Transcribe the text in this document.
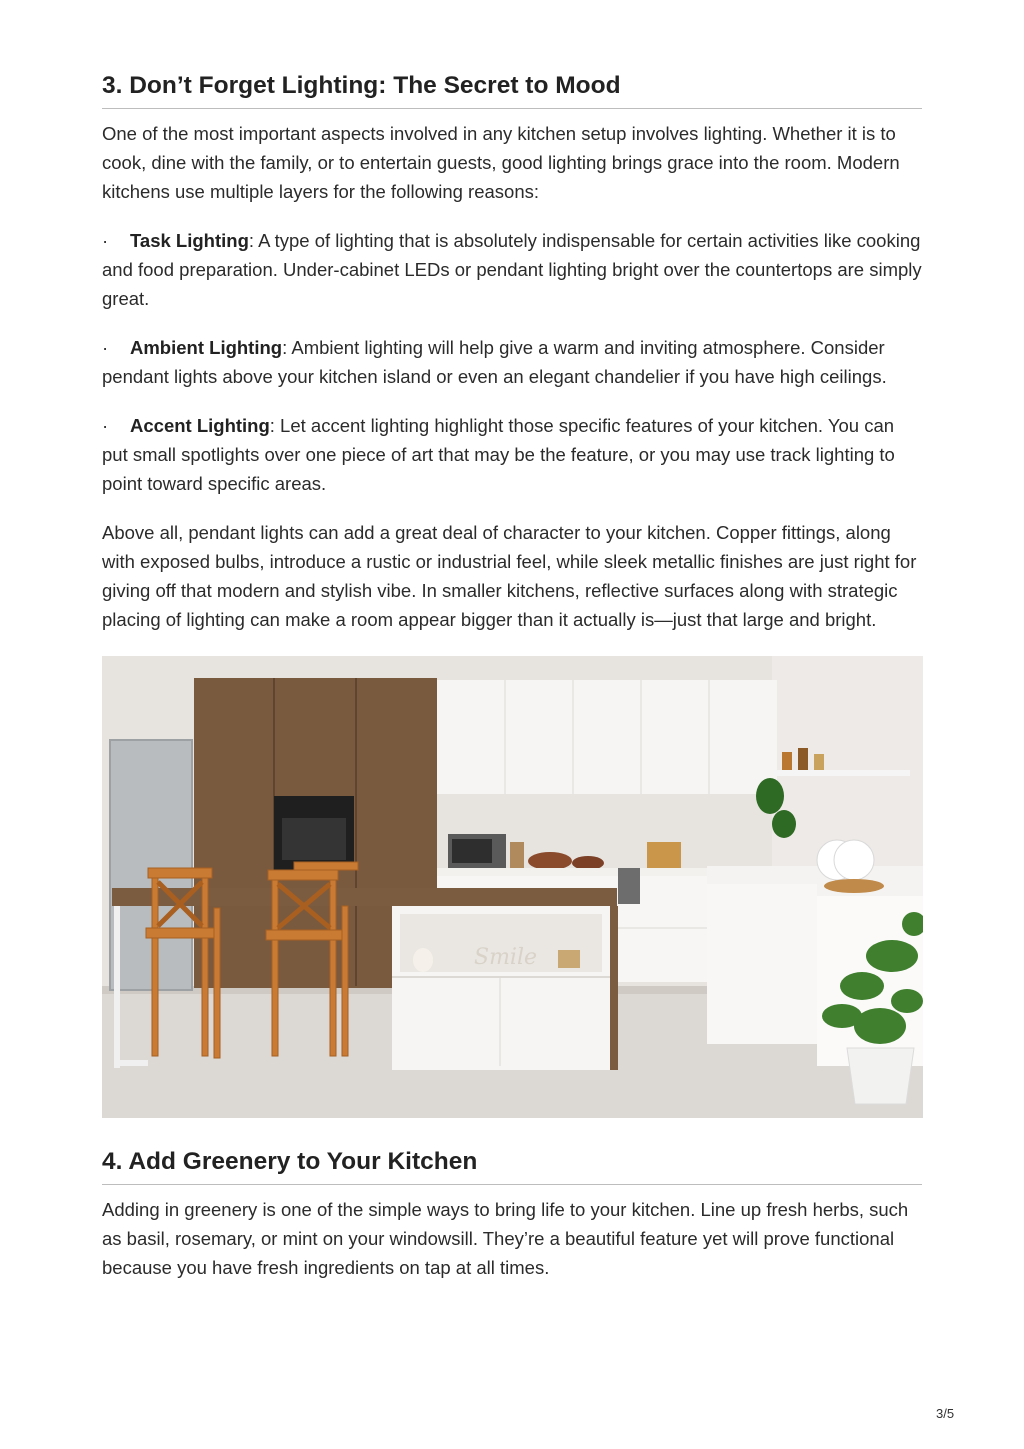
3. Don’t Forget Lighting: The Secret to Mood

One of the most important aspects involved in any kitchen setup involves lighting. Whether it is to cook, dine with the family, or to entertain guests, good lighting brings grace into the room. Modern kitchens use multiple layers for the following reasons:

· Task Lighting: A type of lighting that is absolutely indispensable for certain activities like cooking and food preparation. Under-cabinet LEDs or pendant lighting bright over the countertops are simply great.

· Ambient Lighting: Ambient lighting will help give a warm and inviting atmosphere. Consider pendant lights above your kitchen island or even an elegant chandelier if you have high ceilings.

· Accent Lighting: Let accent lighting highlight those specific features of your kitchen. You can put small spotlights over one piece of art that may be the feature, or you may use track lighting to point toward specific areas.

Above all, pendant lights can add a great deal of character to your kitchen. Copper fittings, along with exposed bulbs, introduce a rustic or industrial feel, while sleek metallic finishes are just right for giving off that modern and stylish vibe. In smaller kitchens, reflective surfaces along with strategic placing of lighting can make a room appear bigger than it actually is—just that large and bright.

Smile
4. Add Greenery to Your Kitchen

Adding in greenery is one of the simple ways to bring life to your kitchen. Line up fresh herbs, such as basil, rosemary, or mint on your windowsill. They’re a beautiful feature yet will prove functional because you have fresh ingredients on tap at all times.

3/5
